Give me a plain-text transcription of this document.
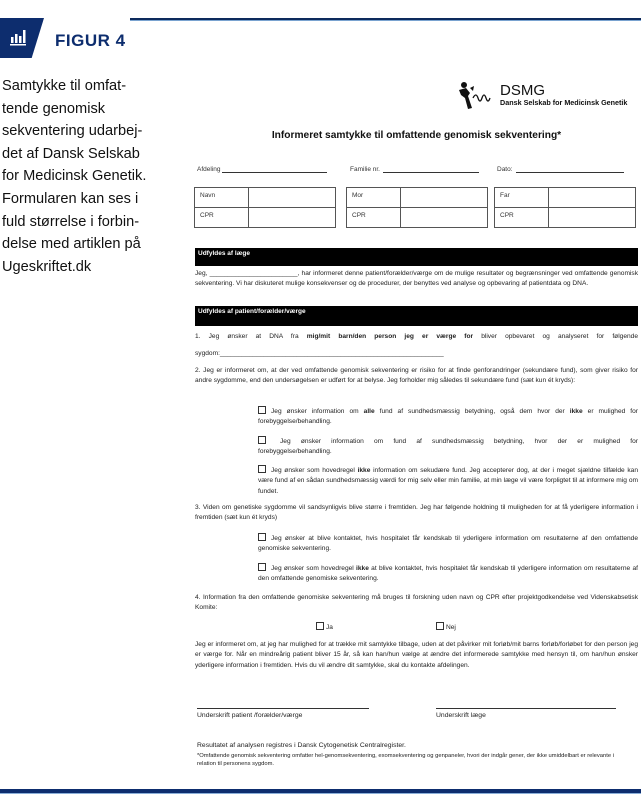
FIGUR 4
Samtykke til omfat-
tende genomisk
sekventering udarbej-
det af Dansk Selskab
for Medicinsk Genetik.
Formularen kan ses i
fuld størrelse i forbin-
delse med artiklen på
Ugeskriftet.dk
DSMG
Dansk Selskab for Medicinsk Genetik
Informeret samtykke til omfattende genomisk sekventering*
Afdeling	Familie nr.	Dato:
Navn
CPR
Mor
CPR
Far
CPR
Udfyldes af læge
Jeg, ________________________, har informeret denne patient/forælder/værge om de mulige resultater og begrænsninger ved omfattende genomisk sekventering. Vi har diskuteret mulige konsekvenser og de procedurer, der benyttes ved analyse og opbevaring af patientdata og DNA.
Udfyldes af patient/forælder/værge
1. Jeg ønsker at DNA fra mig/mit barn/den person jeg er værge for bliver opbevaret og analyseret for følgende sygdom:_____________________________________________________________
2. Jeg er informeret om, at der ved omfattende genomisk sekventering er risiko for at finde genforandringer (sekundære fund), som giver risiko for andre sygdomme, end den undersøgelsen er udført for at belyse. Jeg forholder mig således til sekundære fund (sæt kun ét kryds):
Jeg ønsker information om alle fund af sundhedsmæssig betydning, også dem hvor der ikke er mulighed for forebyggelse/behandling.
Jeg ønsker information om fund af sundhedsmæssig betydning, hvor der er mulighed for forebyggelse/behandling.
Jeg ønsker som hovedregel ikke information om sekudære fund. Jeg accepterer dog, at der i meget sjældne tilfælde kan være fund af en sådan sundhedsmæssig værdi for mig selv eller min familie, at min læge vil være forpligtet til at informere mig om fundet.
3. Viden om genetiske sygdomme vil sandsynligvis blive større i fremtiden. Jeg har følgende holdning til muligheden for at få yderligere information i fremtiden (sæt kun ét kryds)
Jeg ønsker at blive kontaktet, hvis hospitalet får kendskab til yderligere information om resultaterne af den omfattende genomiske sekventering.
Jeg ønsker som hovedregel ikke at blive kontaktet, hvis hospitalet får kendskab til yderligere information om resultaterne af den omfattende genomiske sekventering.
4. Information fra den omfattende genomiske sekventering må bruges til forskning uden navn og CPR efter projektgodkendelse ved Videnskabsetisk Komite:
Ja	Nej
Jeg er informeret om, at jeg har mulighed for at trække mit samtykke tilbage, uden at det påvirker mit forløb/mit barns forløb/forløbet for den person jeg er værge for. Når en mindreårig patient bliver 15 år, så kan han/hun vælge at ændre det informerede samtykke med hensyn til, om han/hun ønsker yderligere information i fremtiden. Hvis du vil ændre dit samtykke, skal du kontakte afdelingen.
Underskrift patient /forælder/værge	Underskrift læge
Resultatet af analysen registres i Dansk Cytogenetisk Centralregister.
*Omfattende genomisk sekventering omfatter hel-genomsekventering, exomsekventering og genpaneler, hvori der indgår gener, der ikke umiddelbart er relevante i relation til personens sygdom.
